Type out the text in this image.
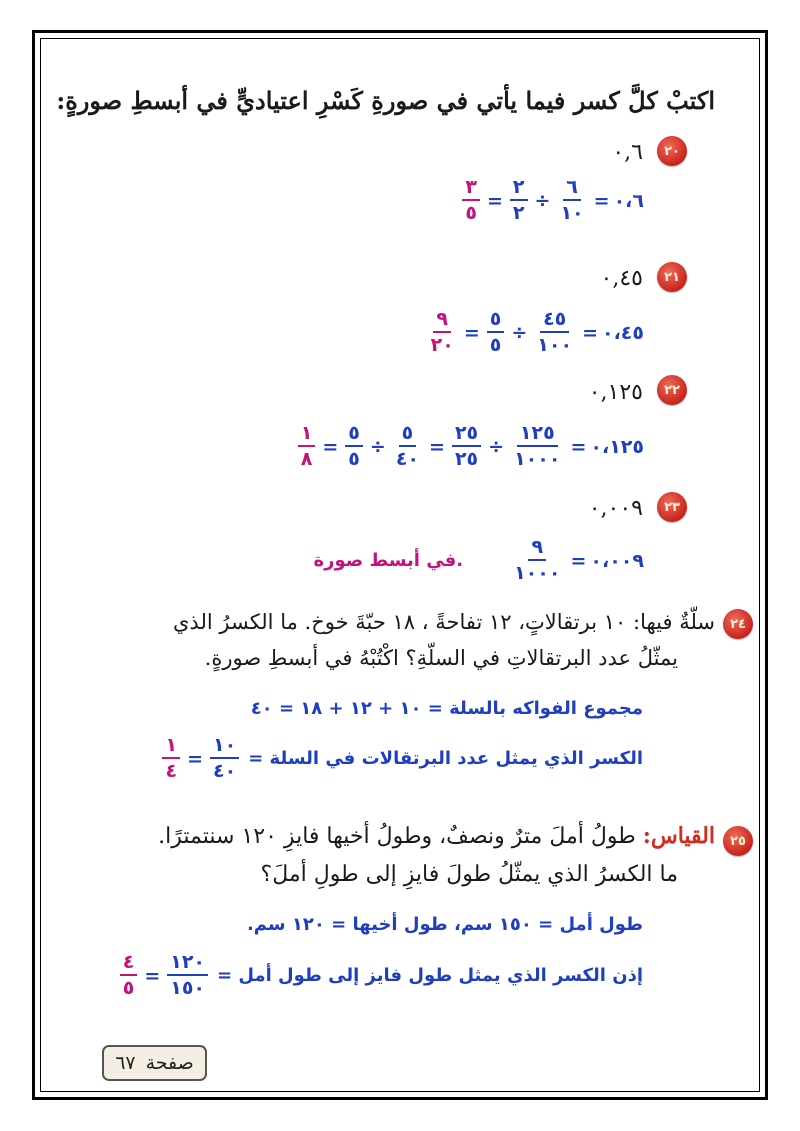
اكتبْ كلَّ كسر فيما يأتي في صورةِ كَسْرِ اعتياديٍّ في أبسطِ صورةٍ:
٢٠
٠,٦
$\frac{٣}{٥} = \frac{٢}{٢} \div \frac{٦}{١٠}$ = ٠،٦
٢١
٠,٤٥
$\frac{٩}{٢٠} = \frac{٥}{٥} \div \frac{٤٥}{١٠٠}$ = ٠،٤٥
٢٢
٠,١٢٥
$\frac{١}{٨} = \frac{٥}{٥} \div \frac{٥}{٤٠} = \frac{٢٥}{٢٥} \div \frac{١٢٥}{١٠٠٠}$ = ٠،١٢٥
٢٣
٠,٠٠٩
في أبسط صورة.	$\frac{٩}{١٠٠٠}$ = ٠،٠٠٩
٢٤
سلّةٌ فيها: ١٠ برتقالاتٍ، ١٢ تفاحةً ، ١٨ حبّةَ خوخ. ما الكسرُ الذي
يمثّلُ عدد البرتقالاتِ في السلّةِ؟ اكْتُبْهُ في أبسطِ صورةٍ.
مجموع الفواكه بالسلة = ١٠ + ١٢ + ١٨ = ٤٠
$\frac{١}{٤} = \frac{١٠}{٤٠}$ الكسر الذي يمثل عدد البرتقالات في السلة =
٢٥
القياس: طولُ أملَ مترٌ ونصفٌ، وطولُ أخيها فايزِ ١٢٠ سنتمترًا.
ما الكسرُ الذي يمثّلُ طولَ فايزِ إلى طولِ أملَ؟
طول أمل = ١٥٠ سم، طول أخيها = ١٢٠ سم.
$\frac{٤}{٥} = \frac{١٢٠}{١٥٠}$ إذن الكسر الذي يمثل طول فايز إلى طول أمل =
صفحة
٦٧
